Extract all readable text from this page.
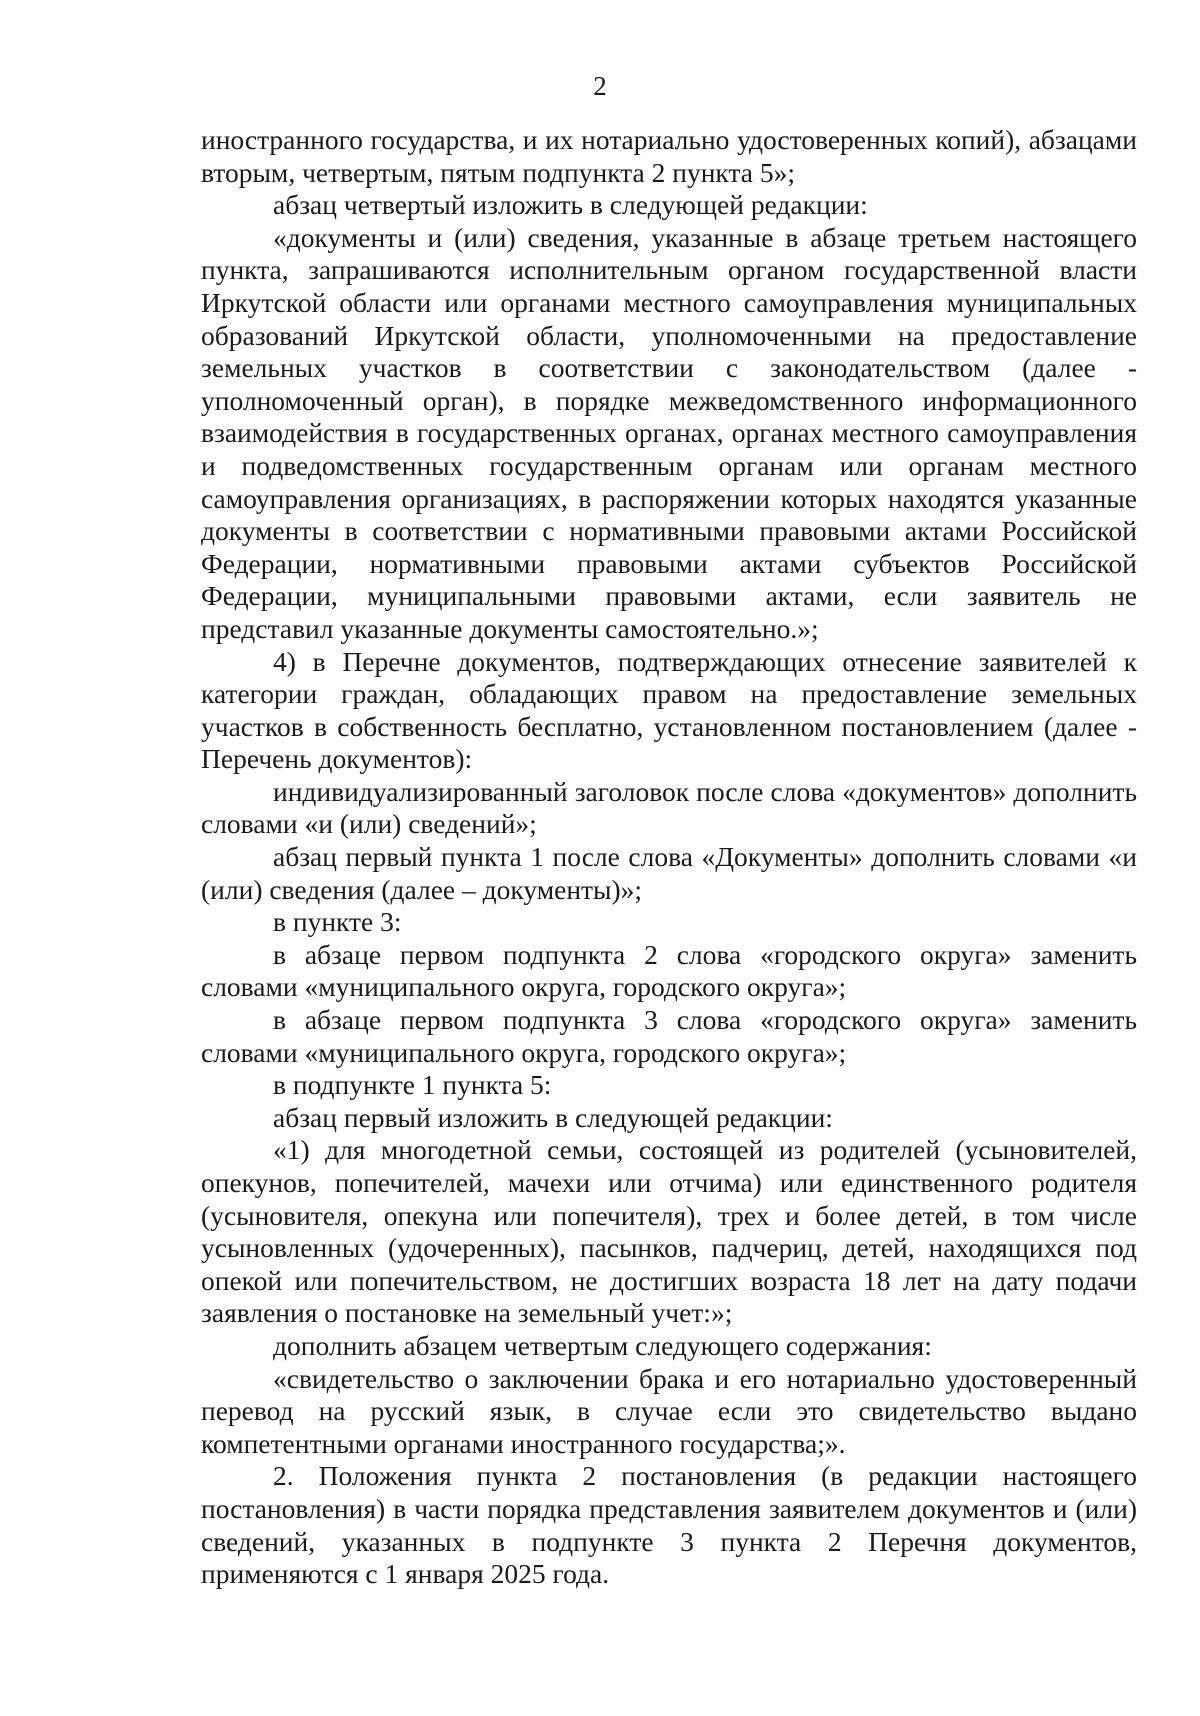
2

иностранного государства, и их нотариально удостоверенных копий), абзацами вторым, четвертым, пятым подпункта 2 пункта 5»;

абзац четвертый изложить в следующей редакции:

«документы и (или) сведения, указанные в абзаце третьем настоящего пункта, запрашиваются исполнительным органом государственной власти Иркутской области или органами местного самоуправления муниципальных образований Иркутской области, уполномоченными на предоставление земельных участков в соответствии с законодательством (далее - уполномоченный орган), в порядке межведомственного информационного взаимодействия в государственных органах, органах местного самоуправления и подведомственных государственным органам или органам местного самоуправления организациях, в распоряжении которых находятся указанные документы в соответствии с нормативными правовыми актами Российской Федерации, нормативными правовыми актами субъектов Российской Федерации, муниципальными правовыми актами, если заявитель не представил указанные документы самостоятельно.»;

4) в Перечне документов, подтверждающих отнесение заявителей к категории граждан, обладающих правом на предоставление земельных участков в собственность бесплатно, установленном постановлением (далее - Перечень документов):

индивидуализированный заголовок после слова «документов» дополнить словами «и (или) сведений»;

абзац первый пункта 1 после слова «Документы» дополнить словами «и (или) сведения (далее – документы)»;

в пункте 3:

в абзаце первом подпункта 2 слова «городского округа» заменить словами «муниципального округа, городского округа»;

в абзаце первом подпункта 3 слова «городского округа» заменить словами «муниципального округа, городского округа»;

в подпункте 1 пункта 5:

абзац первый изложить в следующей редакции:

«1) для многодетной семьи, состоящей из родителей (усыновителей, опекунов, попечителей, мачехи или отчима) или единственного родителя (усыновителя, опекуна или попечителя), трех и более детей, в том числе усыновленных (удочеренных), пасынков, падчериц, детей, находящихся под опекой или попечительством, не достигших возраста 18 лет на дату подачи заявления о постановке на земельный учет:»;

дополнить абзацем четвертым следующего содержания:

«свидетельство о заключении брака и его нотариально удостоверенный перевод на русский язык, в случае если это свидетельство выдано компетентными органами иностранного государства;».

2. Положения пункта 2 постановления (в редакции настоящего постановления) в части порядка представления заявителем документов и (или) сведений, указанных в подпункте 3 пункта 2 Перечня документов, применяются с 1 января 2025 года.
